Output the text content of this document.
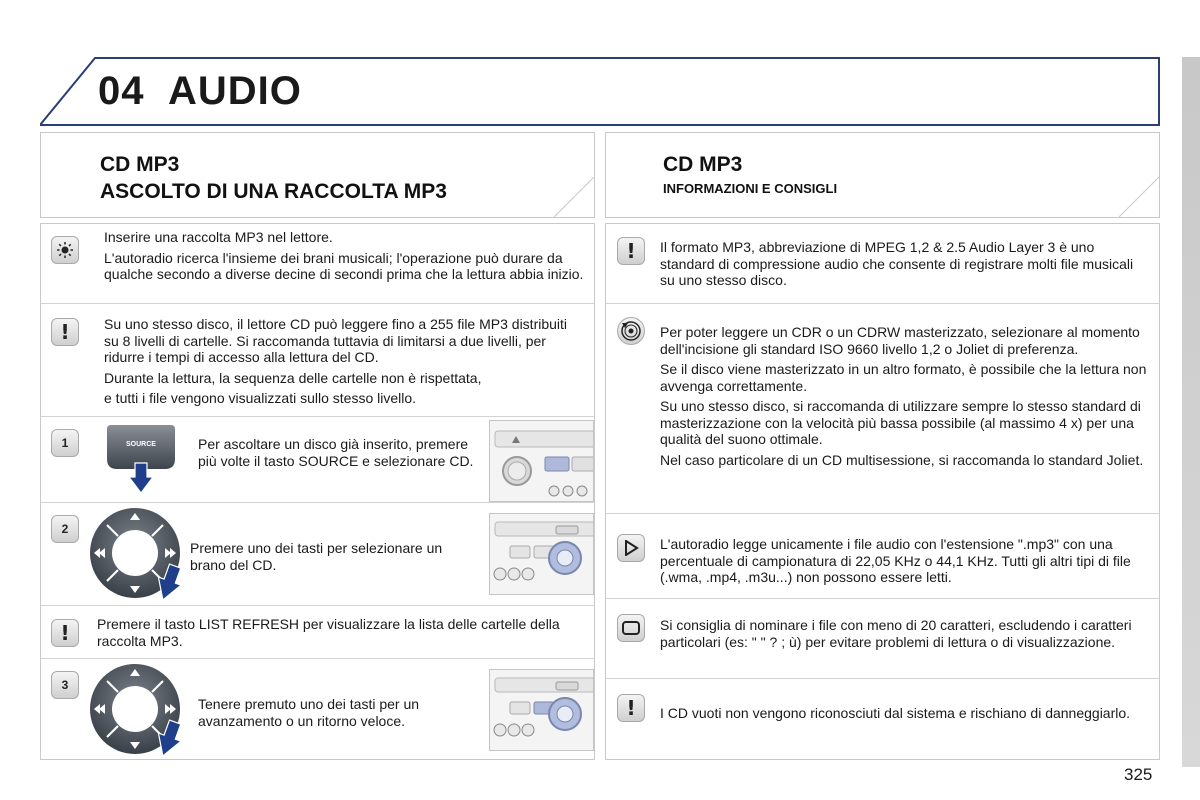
04 AUDIO
CD MP3
ASCOLTO DI UNA RACCOLTA MP3
CD MP3
INFORMAZIONI E CONSIGLI

Inserire una raccolta MP3 nel lettore.

L'autoradio ricerca l'insieme dei brani musicali; l'operazione può durare da qualche secondo a diverse decine di secondi prima che la lettura abbia inizio.

! Su uno stesso disco, il lettore CD può leggere fino a 255 file MP3 distribuiti su 8 livelli di cartelle. Si raccomanda tuttavia di limitarsi a due livelli, per ridurre i tempi di accesso alla lettura del CD.

Durante la lettura, la sequenza delle cartelle non è rispettata,

e tutti i file vengono visualizzati sullo stesso livello.

1	SOURCE	Per ascoltare un disco già inserito, premere più volte il tasto SOURCE e selezionare CD.
2
Premere uno dei tasti per selezionare un brano del CD.
! Premere il tasto LIST REFRESH per visualizzare la lista delle cartelle della raccolta MP3.
3
Tenere premuto uno dei tasti per un avanzamento o un ritorno veloce.
! Il formato MP3, abbreviazione di MPEG 1,2 & 2.5 Audio Layer 3 è uno standard di compressione audio che consente di registrare molti file musicali su uno stesso disco.

Per poter leggere un CDR o un CDRW masterizzato, selezionare al momento dell'incisione gli standard ISO 9660 livello 1,2 o Joliet di preferenza.

Se il disco viene masterizzato in un altro formato, è possibile che la lettura non avvenga correttamente.

Su uno stesso disco, si raccomanda di utilizzare sempre lo stesso standard di masterizzazione con la velocità più bassa possibile (al massimo 4 x) per una qualità del suono ottimale.

Nel caso particolare di un CD multisessione, si raccomanda lo standard Joliet.

L'autoradio legge unicamente i file audio con l'estensione ".mp3" con una percentuale di campionatura di 22,05 KHz o 44,1 KHz. Tutti gli altri tipi di file (.wma, .mp4, .m3u...) non possono essere letti.
Si consiglia di nominare i file con meno di 20 caratteri, escludendo i caratteri particolari (es: " " ? ; ù) per evitare problemi di lettura o di visualizzazione.
! I CD vuoti non vengono riconosciuti dal sistema e rischiano di danneggiarlo.
325
